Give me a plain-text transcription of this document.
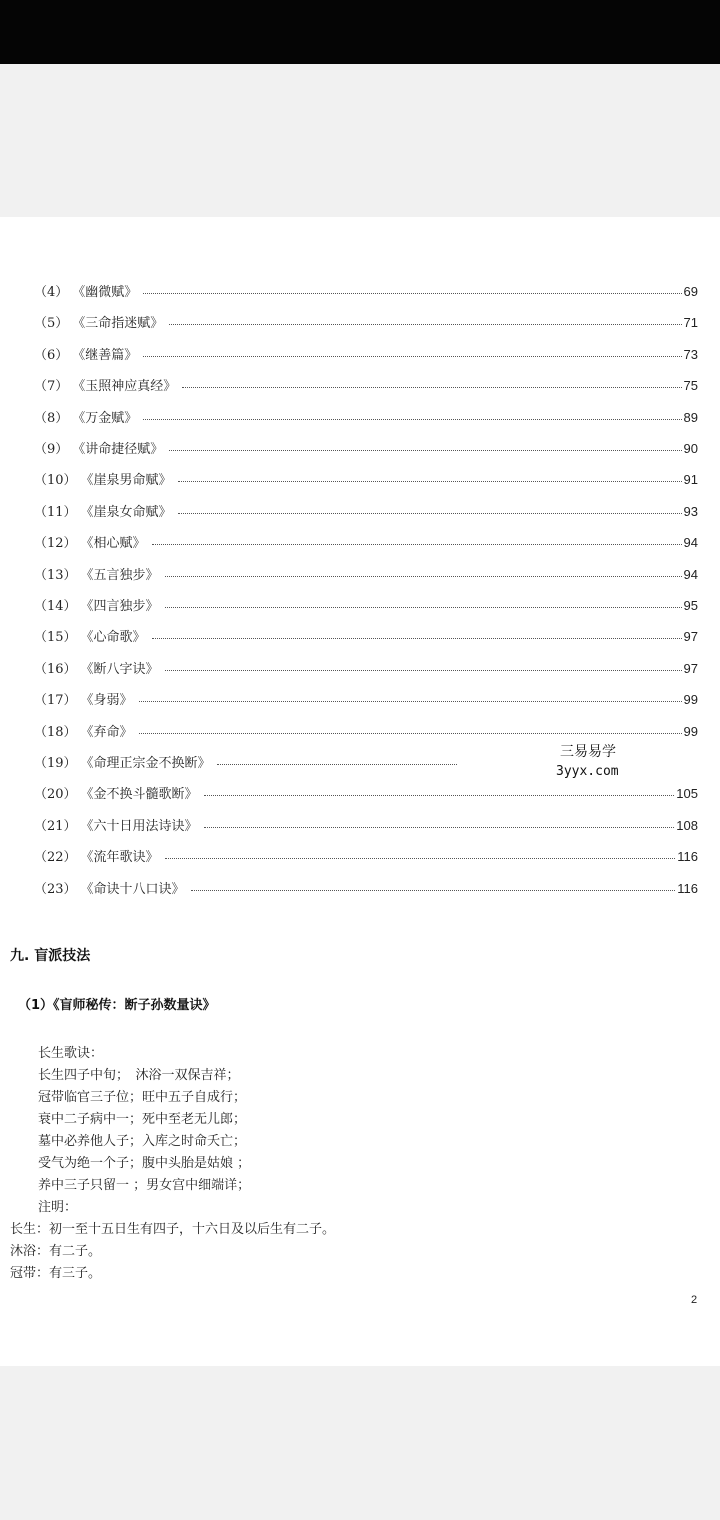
（4） 《幽微赋》	69
（5） 《三命指迷赋》	71
（6） 《继善篇》	73
（7） 《玉照神应真经》	75
（8） 《万金赋》	89
（9） 《讲命捷径赋》	90
（10） 《崖泉男命赋》	91
（11） 《崖泉女命赋》	93
（12） 《相心赋》	94
（13） 《五言独步》	94
（14） 《四言独步》	95
（15） 《心命歌》	97
（16） 《断八字诀》	97
（17） 《身弱》	99
（18） 《弃命》	99
（19） 《命理正宗金不换断》
（20） 《金不换斗髓歌断》	105
（21） 《六十日用法诗诀》	108
（22） 《流年歌诀》	116
（23） 《命诀十八口诀》	116
三易易学
3yyx.com
九. 盲派技法
（1）《盲师秘传：断子孙数量诀》
长生歌诀：
长生四子中旬；　沐浴一双保吉祥；
冠带临官三子位；旺中五子自成行；
衰中二子病中一；死中至老无儿郎；
墓中必养他人子；入库之时命夭亡；
受气为绝一个子；腹中头胎是姑娘 ；
养中三子只留一 ；男女宫中细端详；
注明：
长生：初一至十五日生有四子，十六日及以后生有二子。
沐浴：有二子。
冠带：有三子。
2
